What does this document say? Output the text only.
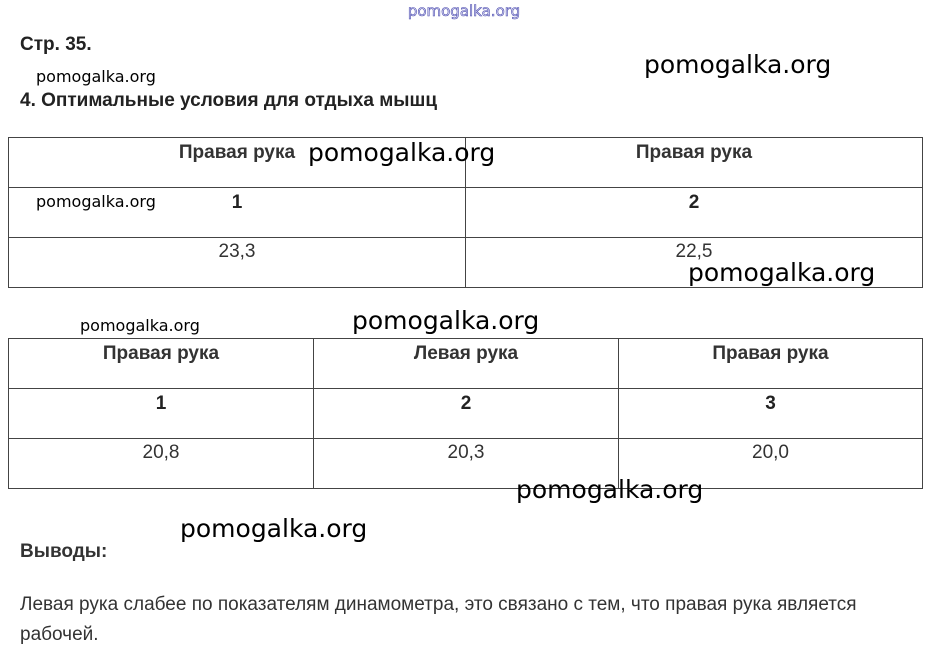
pomogalka.org
Стр. 35.
pomogalka.org	pomogalka.org
4. Оптимальные условия для отдыха мышц
Правая рука	Правая рука
1	2
23,3	22,5
pomogalka.org
pomogalka.org
pomogalka.org
pomogalka.org	pomogalka.org
Правая рука	Левая рука	Правая рука
1	2	3
20,8	20,3	20,0
pomogalka.org
pomogalka.org
Выводы:
Левая рука слабее по показателям динамометра, это связано с тем, что правая рука является рабочей.
